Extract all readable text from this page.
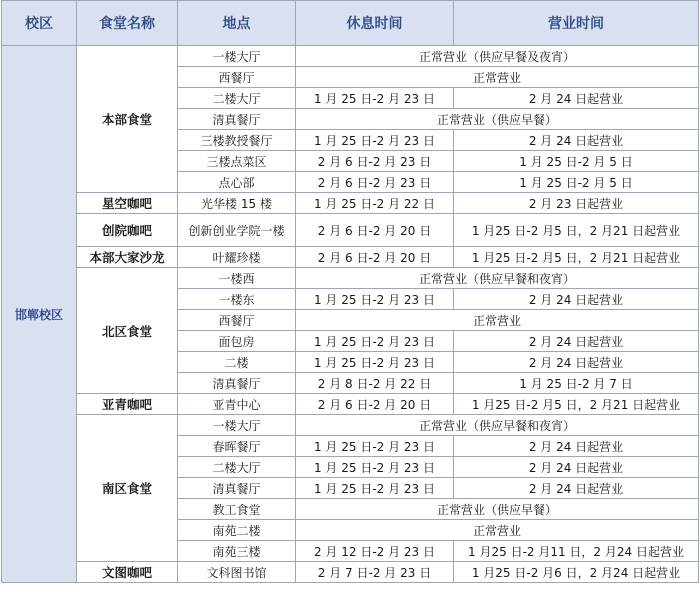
校区	食堂名称	地点	休息时间	营业时间
邯郸校区	本部食堂	一楼大厅	正常营业（供应早餐及夜宵）	
		西餐厅	正常营业	
		二楼大厅	1 月 25 日-2 月 23 日	2 月 24 日起营业
		清真餐厅	正常营业（供应早餐）	
		三楼教授餐厅	1 月 25 日-2 月 23 日	2 月 24 日起营业
		三楼点菜区	2 月 6 日-2 月 23 日	1 月 25 日-2 月 5 日
		点心部	2 月 6 日-2 月 23 日	1 月 25 日-2 月 5 日
	星空咖吧	光华楼 15 楼	1 月 25 日-2 月 22 日	2 月 23 日起营业
	创院咖吧	创新创业学院一楼	2 月 6 日-2 月 20 日	1 月25 日-2 月5 日，2 月21 日起营业
	本部大家沙龙	叶耀珍楼	2 月 6 日-2 月 20 日	1 月25 日-2 月5 日，2 月21 日起营业
	北区食堂	一楼西	正常营业（供应早餐和夜宵）	
		一楼东	1 月 25 日-2 月 23 日	2 月 24 日起营业
		西餐厅	正常营业	
		面包房	1 月 25 日-2 月 23 日	2 月 24 日起营业
		二楼	1 月 25 日-2 月 23 日	2 月 24 日起营业
		清真餐厅	2 月 8 日-2 月 22 日	1 月 25 日-2 月 7 日
	亚青咖吧	亚青中心	2 月 6 日-2 月 20 日	1 月25 日-2 月5 日，2 月21 日起营业
	南区食堂	一楼大厅	正常营业（供应早餐和夜宵）	
		春晖餐厅	1 月 25 日-2 月 23 日	2 月 24 日起营业
		二楼大厅	1 月 25 日-2 月 23 日	2 月 24 日起营业
		清真餐厅	1 月 25 日-2 月 23 日	2 月 24 日起营业
		教工食堂	正常营业（供应早餐）	
		南苑二楼	正常营业	
		南苑三楼	2 月 12 日-2 月 23 日	1 月25 日-2 月11 日，2 月24 日起营业
	文图咖吧	文科图书馆	2 月 7 日-2 月 23 日	1 月25 日-2 月6 日，2 月24 日起营业
